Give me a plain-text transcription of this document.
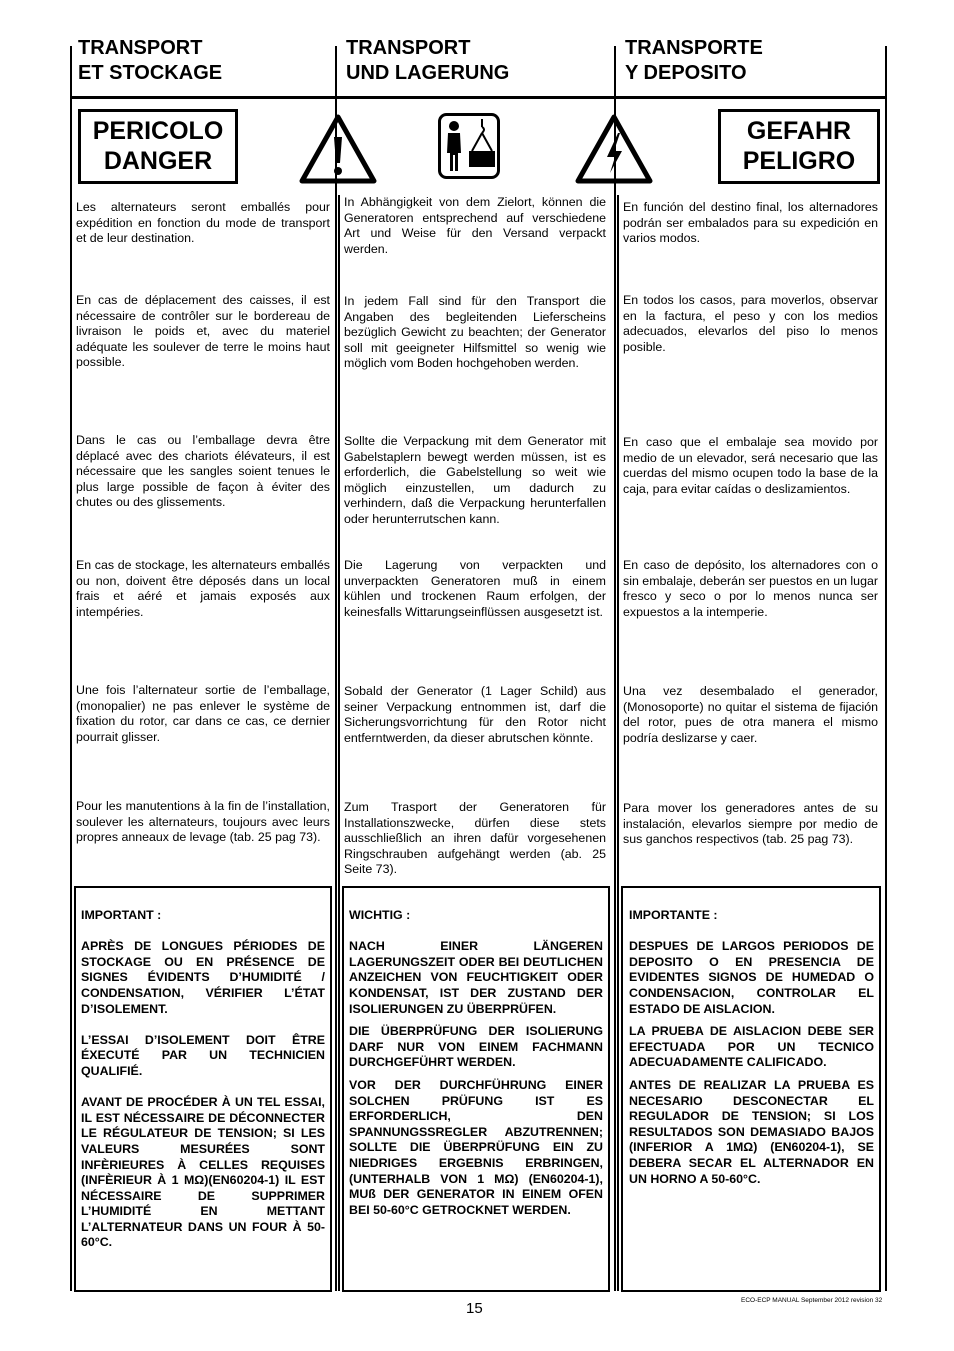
TRANSPORT
ET STOCKAGE
TRANSPORT
UND LAGERUNG
TRANSPORTE
Y DEPOSITO
PERICOLO
DANGER
GEFAHR
PELIGRO
Les alternateurs seront emballés pour expédition en fonction du mode de transport et de leur destination.
En cas de déplacement des caisses, il est nécessaire de contrôler sur le bordereau de livraison le poids et, avec du materiel adéquate les soulever de terre le moins haut possible.
Dans le cas ou l’emballage devra être déplacé avec des chariots élévateurs, il est nécessaire que les sangles soient tenues le plus large possible de façon à éviter des chutes ou des glissements.
En cas de stockage, les alternateurs emballés ou non, doivent être déposés dans un local frais et aéré et jamais exposés aux intempéries.
Une fois l’alternateur sortie de l’emballage, (monopalier) ne pas enlever le système de fixation du rotor, car dans ce cas, ce dernier pourrait glisser.
Pour les manutentions à la fin de l’installation, soulever les alternateurs, toujours avec leurs propres anneaux de levage (tab. 25 pag 73).
In Abhängigkeit von dem Zielort, können die Generatoren entsprechend auf verschiedene Art und Weise für den Versand verpackt werden.
In jedem Fall sind für den Transport die Angaben des begleitenden Lieferscheins bezüglich Gewicht zu beachten; der Generator soll mit geeigneter Hilfsmittel so wenig wie möglich vom Boden hochgehoben werden.
Sollte die Verpackung mit dem Generator mit Gabelstaplern bewegt werden müssen, ist es erforderlich, die Gabelstellung so weit wie möglich einzustellen, um dadurch zu verhindern, daß die Verpackung herunterfallen oder herunterrutschen kann.
Die Lagerung von verpackten und unverpackten Generatoren muß in einem kühlen und trockenen Raum erfolgen, der keinesfalls Wittarungseinflüssen ausgesetzt ist.
Sobald der Generator (1 Lager Schild) aus seiner Verpackung entnommen ist, darf die Sicherungsvorrichtung für den Rotor nicht entferntwerden, da dieser abrutschen könnte.
Zum Trasport der Generatoren für Installationszwecke, dürfen diese stets ausschließlich an ihren dafür vorgesehenen Ringschrauben aufgehängt werden (ab. 25 Seite 73).
En función del destino final, los alternadores podrán ser embalados para su expedición en varios modos.
En todos los casos, para moverlos, observar en la factura, el peso y con los medios adecuados, elevarlos del piso lo menos posible.
En caso que el embalaje sea movido por medio de un elevador, será necesario que las cuerdas del mismo ocupen todo la base de la caja, para evitar caídas o deslizamientos.
En caso de depósito, los alternadores con o sin embalaje, deberán ser puestos en un lugar fresco y seco o por lo menos nunca ser expuestos a la intemperie.
Una vez desembalado el generador, (Monosoporte) no quitar el sistema de fijación del rotor, pues de otra manera el mismo podría deslizarse y caer.
Para mover los generadores antes de su instalación, elevarlos siempre por medio de sus ganchos respectivos (tab. 25 pag 73).

IMPORTANT :

APRÈS DE LONGUES PÉRIODES DE STOCKAGE OU EN PRÉSENCE DE SIGNES ÉVIDENTS D’HUMIDITÉ / CONDENSATION, VÉRIFIER L’ÉTAT D’ISOLEMENT.

L’ESSAI D’ISOLEMENT DOIT ÊTRE ÉXECUTÉ PAR UN TECHNICIEN QUALIFIÉ.

AVANT DE PROCÉDER À UN TEL ESSAI, IL EST NÉCESSAIRE DE DÉCONNECTER LE RÉGULATEUR DE TENSION; SI LES VALEURS MESURÉES SONT INFÈRIEURES À CELLES REQUISES (INFÈRIEUR À 1 MΩ)(EN60204-1) IL EST NÉCESSAIRE DE SUPPRIMER L’HUMIDITÉ EN METTANT L’ALTERNATEUR DANS UN FOUR À 50-60°C.

WICHTIG :

NACH EINER LÄNGEREN LAGERUNGSZEIT ODER BEI DEUTLICHEN ANZEICHEN VON FEUCHTIGKEIT ODER KONDENSAT, IST DER ZUSTAND DER ISOLIERUNGEN ZU ÜBERPRÜFEN.

DIE ÜBERPRÜFUNG DER ISOLIERUNG DARF NUR VON EINEM FACHMANN DURCHGEFÜHRT WERDEN.

VOR DER DURCHFÜHRUNG EINER SOLCHEN PRÜFUNG IST ES ERFORDERLICH, DEN SPANNUNGSSREGLER ABZUTRENNEN; SOLLTE DIE ÜBERPRÜFUNG EIN ZU NIEDRIGES ERGEBNIS ERBRINGEN, (UNTERHALB VON 1 MΩ) (EN60204-1), MUß DER GENERATOR IN EINEM OFEN BEI 50-60°C GETROCKNET WERDEN.

IMPORTANTE :

DESPUES DE LARGOS PERIODOS DE DEPOSITO O EN PRESENCIA DE EVIDENTES SIGNOS DE HUMEDAD O CONDENSACION, CONTROLAR EL ESTADO DE AISLACION.

LA PRUEBA DE AISLACION DEBE SER EFECTUADA POR UN TECNICO ADECUADAMENTE CALIFICADO.

ANTES DE REALIZAR LA PRUEBA ES NECESARIO DESCONECTAR EL REGULADOR DE TENSION; SI LOS RESULTADOS SON DEMASIADO BAJOS (INFERIOR A 1MΩ) (EN60204-1), SE DEBERA SECAR EL ALTERNADOR EN UN HORNO A 50-60°C.

15	ECO-ECP MANUAL September 2012 revision 32
